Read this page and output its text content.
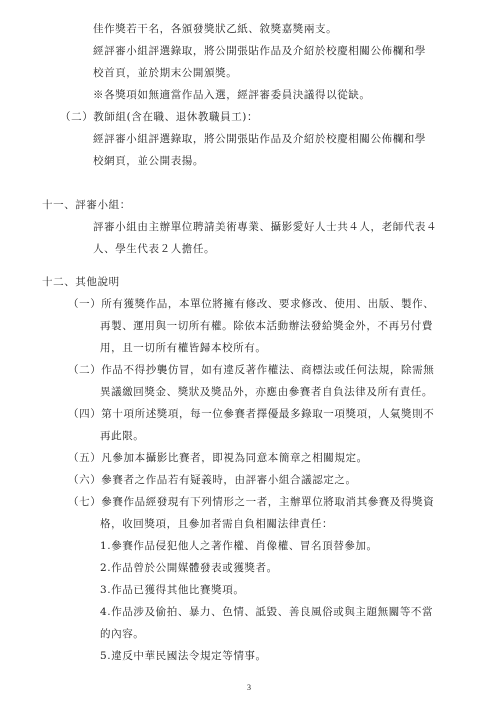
佳作獎若干名，各頒發獎狀乙紙、敘獎嘉獎兩支。
經評審小組評選錄取，將公開張貼作品及介紹於校慶相關公佈欄和學
校首頁，並於期末公開頒獎。
※各獎項如無適當作品入選，經評審委員決議得以從缺。
（二）教師組(含在職、退休教職員工)：
經評審小組評選錄取，將公開張貼作品及介紹於校慶相關公佈欄和學
校網頁，並公開表揚。
十一、評審小組：
評審小組由主辦單位聘請美術專業、攝影愛好人士共４人，老師代表４
人、學生代表２人擔任。
十二、其他說明
（一）所有獲獎作品，本單位將擁有修改、要求修改、使用、出版、製作、
再製、運用與一切所有權。除依本活動辦法發給獎金外，不再另付費
用，且一切所有權皆歸本校所有。
（二）作品不得抄襲仿冒，如有違反著作權法、商標法或任何法規，除需無
異議繳回獎金、獎狀及獎品外，亦應由參賽者自負法律及所有責任。
（四）第十項所述獎項，每一位參賽者擇優最多錄取一項獎項，人氣獎則不
再此限。
（五）凡參加本攝影比賽者，即視為同意本簡章之相關規定。
（六）參賽者之作品若有疑義時，由評審小組合議認定之。
（七）參賽作品經發現有下列情形之一者，主辦單位將取消其參賽及得獎資
格，收回獎項，且參加者需自負相關法律責任：
1.參賽作品侵犯他人之著作權、肖像權、冒名頂替參加。
2.作品曾於公開媒體發表或獲獎者。
3.作品已獲得其他比賽獎項。
4.作品涉及偷拍、暴力、色情、詆毀、善良風俗或與主題無關等不當
的內容。
5.違反中華民國法令規定等情事。
3
